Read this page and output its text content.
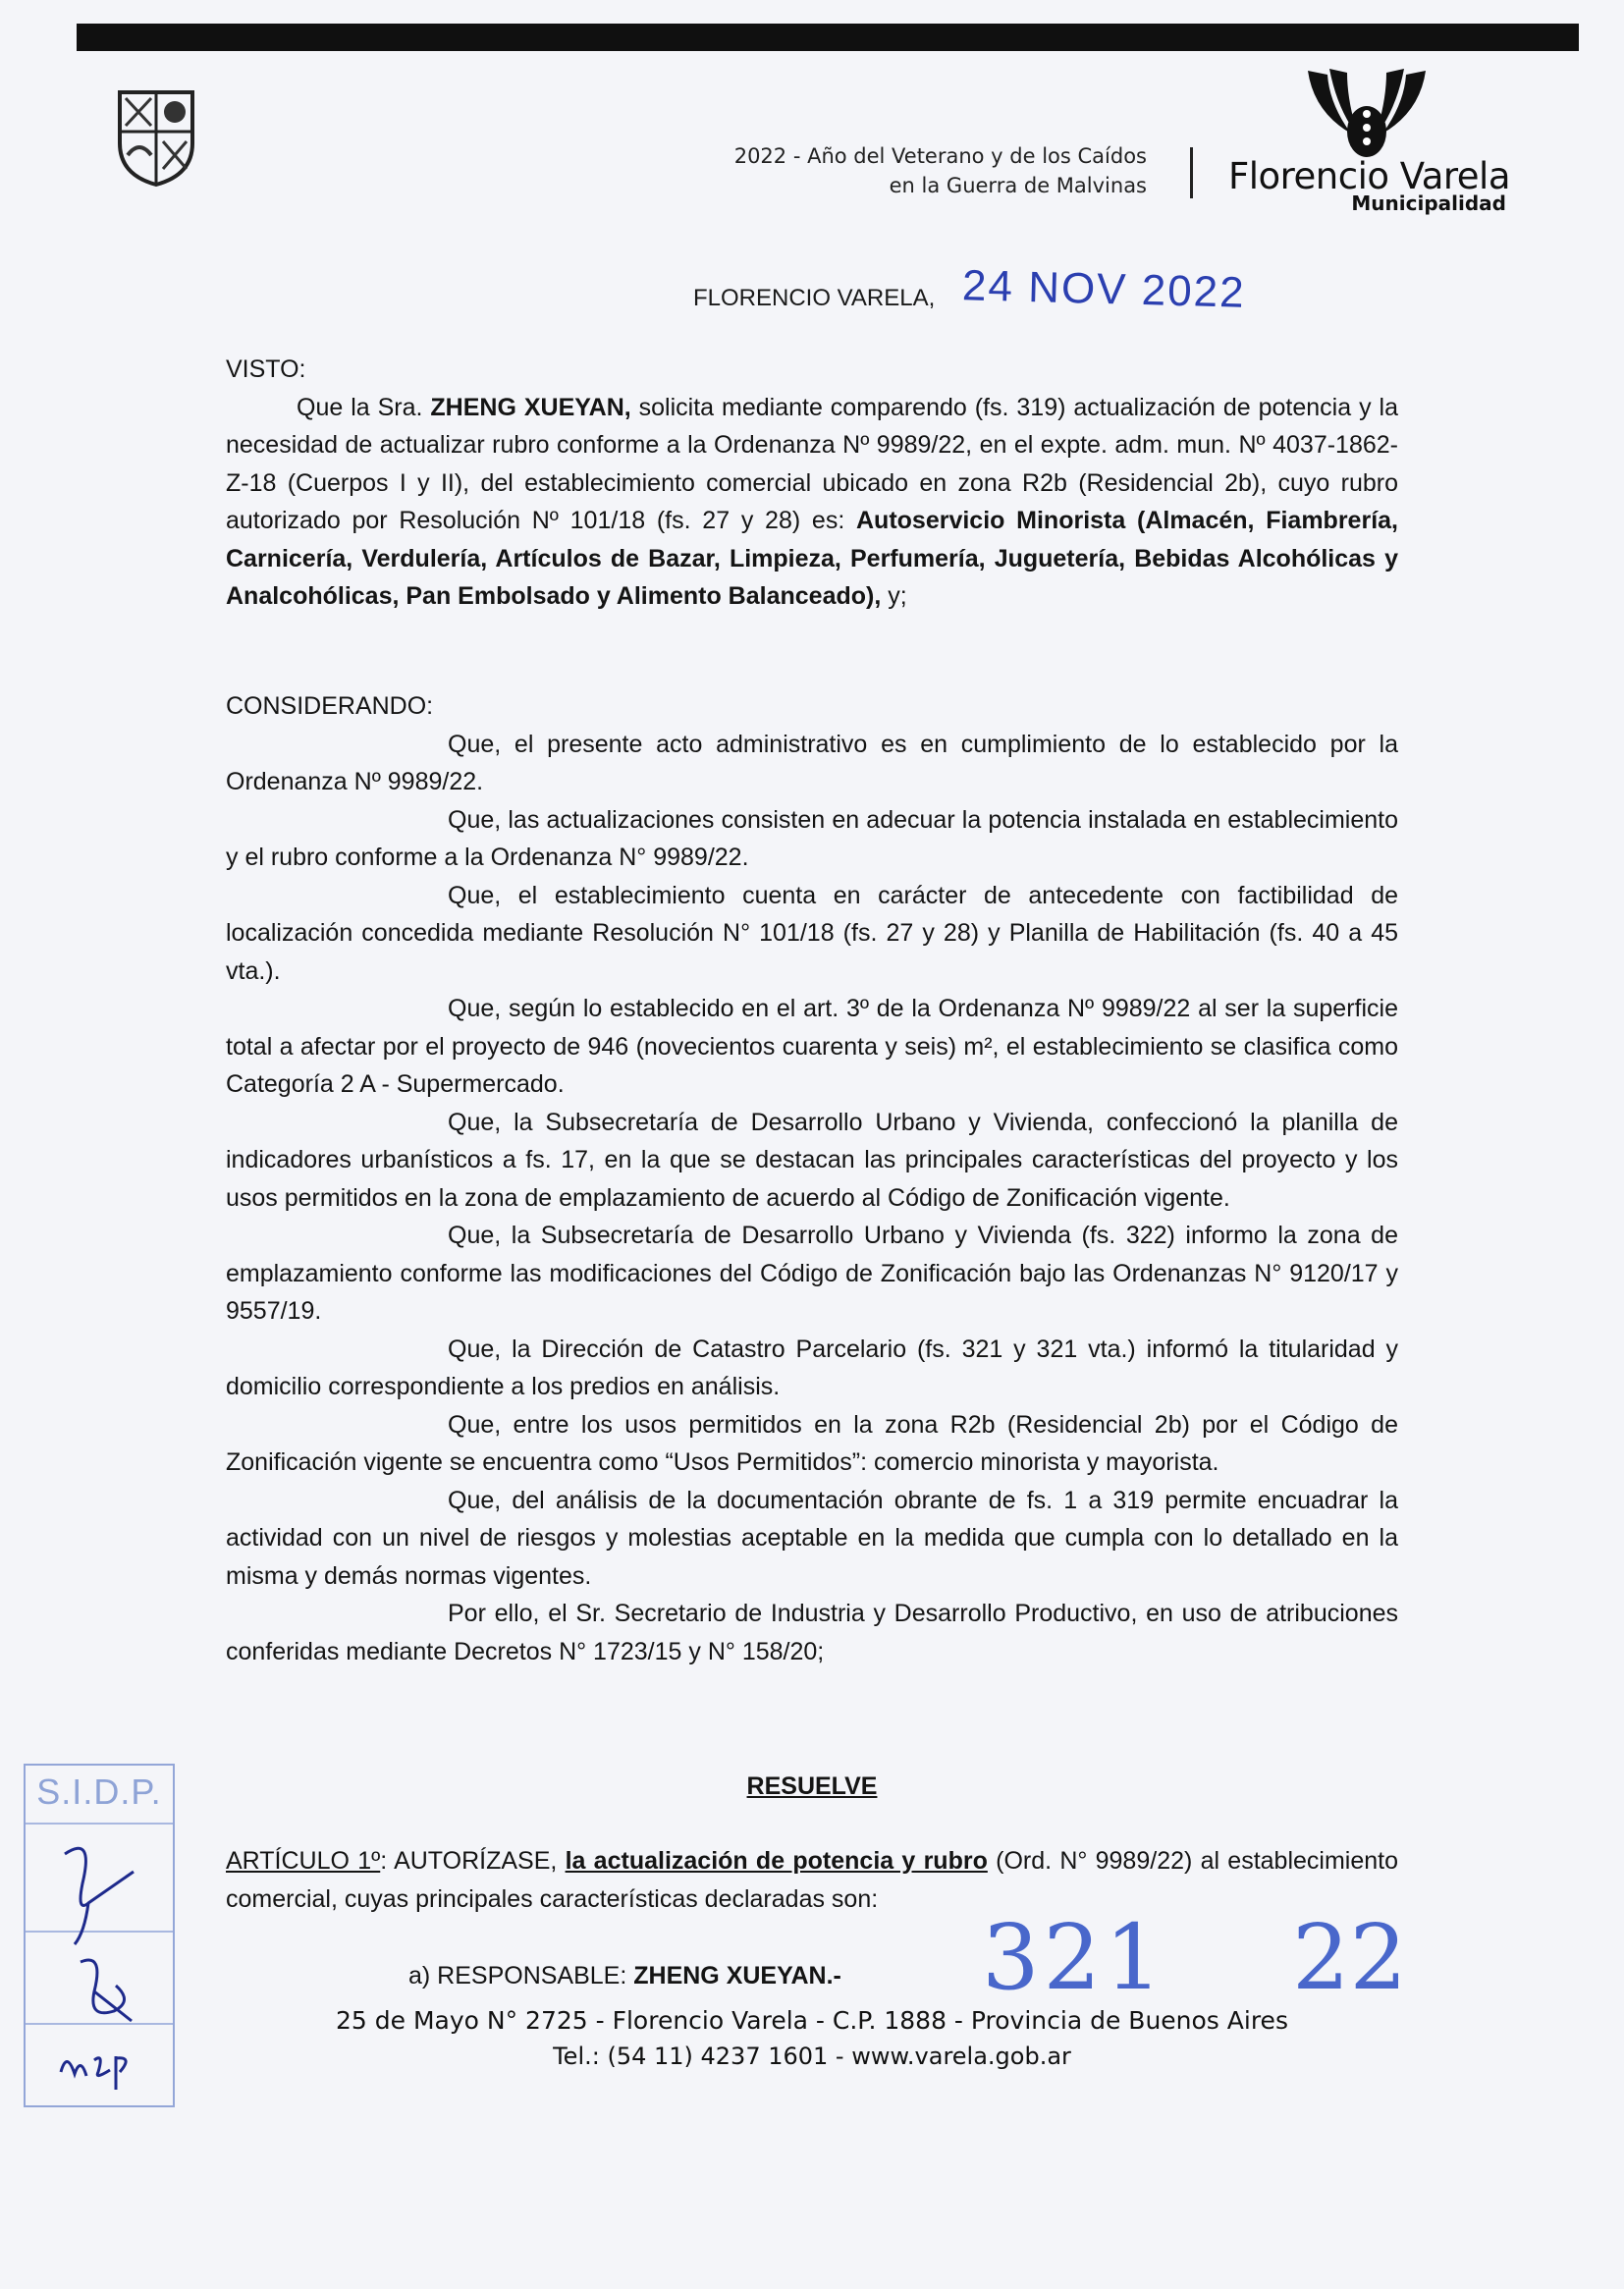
2022 - Año del Veterano y de los Caídos
en la Guerra de Malvinas Florencio Varela
Municipalidad
FLORENCIO VARELA, 24 NOV 2022

VISTO:

Que la Sra. ZHENG XUEYAN, solicita mediante comparendo (fs. 319) actualización de potencia y la necesidad de actualizar rubro conforme a la Ordenanza Nº 9989/22, en el expte. adm. mun. Nº 4037-1862-Z-18 (Cuerpos I y II), del establecimiento comercial ubicado en zona R2b (Residencial 2b), cuyo rubro autorizado por Resolución Nº 101/18 (fs. 27 y 28) es: Autoservicio Minorista (Almacén, Fiambrería, Carnicería, Verdulería, Artículos de Bazar, Limpieza, Perfumería, Juguetería, Bebidas Alcohólicas y Analcohólicas, Pan Embolsado y Alimento Balanceado), y;

CONSIDERANDO:

Que, el presente acto administrativo es en cumplimiento de lo establecido por la Ordenanza Nº 9989/22.

Que, las actualizaciones consisten en adecuar la potencia instalada en establecimiento y el rubro conforme a la Ordenanza N° 9989/22.

Que, el establecimiento cuenta en carácter de antecedente con factibilidad de localización concedida mediante Resolución N° 101/18 (fs. 27 y 28) y Planilla de Habilitación (fs. 40 a 45 vta.).

Que, según lo establecido en el art. 3º de la Ordenanza Nº 9989/22 al ser la superficie total a afectar por el proyecto de 946 (novecientos cuarenta y seis) m², el establecimiento se clasifica como Categoría 2 A - Supermercado.

Que, la Subsecretaría de Desarrollo Urbano y Vivienda, confeccionó la planilla de indicadores urbanísticos a fs. 17, en la que se destacan las principales características del proyecto y los usos permitidos en la zona de emplazamiento de acuerdo al Código de Zonificación vigente.

Que, la Subsecretaría de Desarrollo Urbano y Vivienda (fs. 322) informo la zona de emplazamiento conforme las modificaciones del Código de Zonificación bajo las Ordenanzas N° 9120/17 y 9557/19.

Que, la Dirección de Catastro Parcelario (fs. 321 y 321 vta.) informó la titularidad y domicilio correspondiente a los predios en análisis.

Que, entre los usos permitidos en la zona R2b (Residencial 2b) por el Código de Zonificación vigente se encuentra como “Usos Permitidos”: comercio minorista y mayorista.

Que, del análisis de la documentación obrante de fs. 1 a 319 permite encuadrar la actividad con un nivel de riesgos y molestias aceptable en la medida que cumpla con lo detallado en la misma y demás normas vigentes.

Por ello, el Sr. Secretario de Industria y Desarrollo Productivo, en uso de atribuciones conferidas mediante Decretos N° 1723/15 y N° 158/20;

RESUELVE

ARTÍCULO 1º: AUTORÍZASE, la actualización de potencia y rubro (Ord. N° 9989/22) al establecimiento comercial, cuyas principales características declaradas son:

a) RESPONSABLE: ZHENG XUEYAN.- 321 22
S.I.D.P.
25 de Mayo N° 2725 - Florencio Varela - C.P. 1888 - Provincia de Buenos Aires
Tel.: (54 11) 4237 1601 - www.varela.gob.ar
